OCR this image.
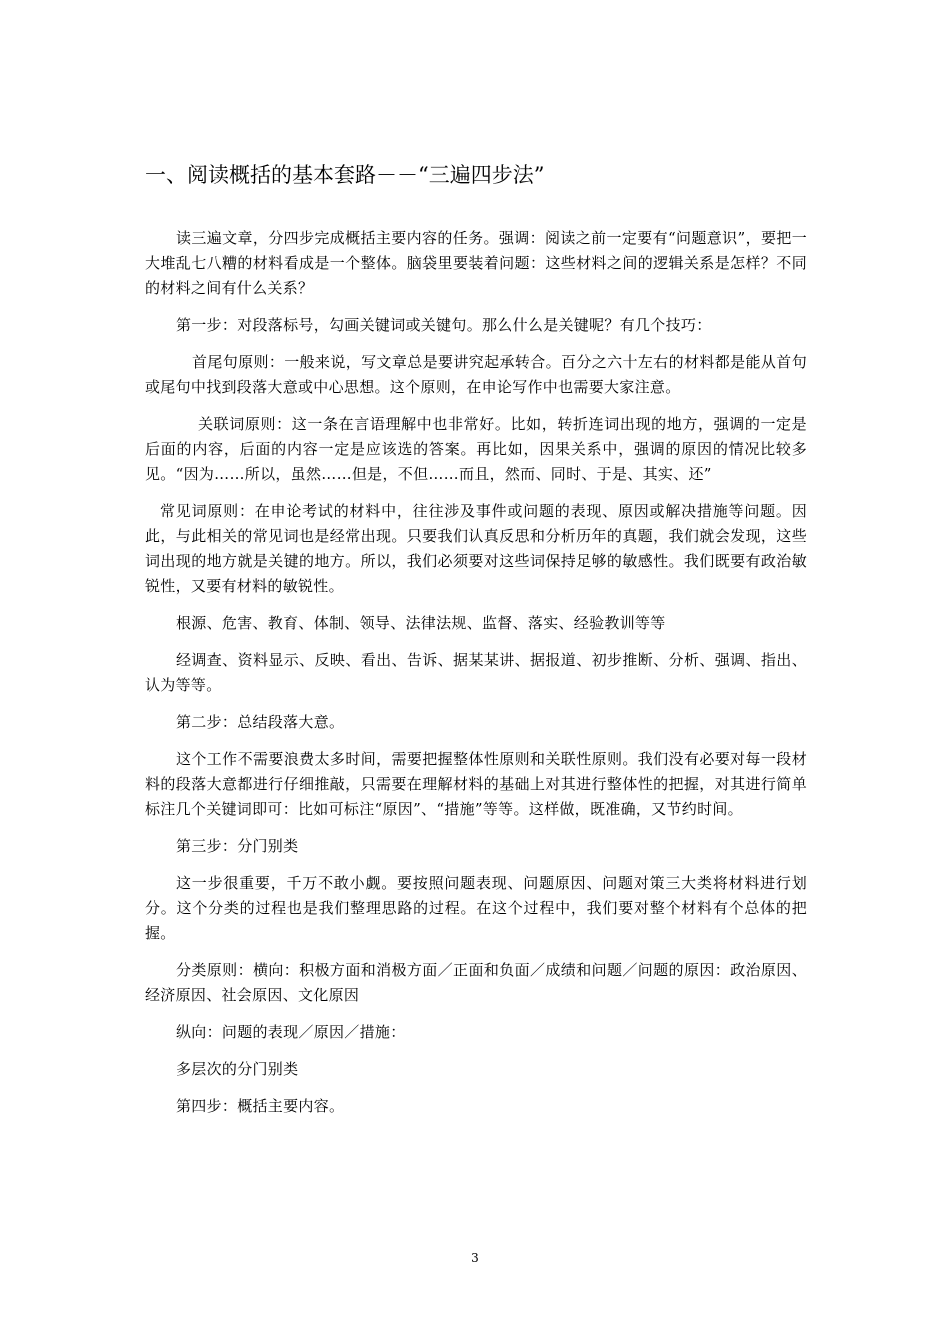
一、阅读概括的基本套路－－“三遍四步法”

读三遍文章，分四步完成概括主要内容的任务。强调：阅读之前一定要有“问题意识”，要把一大堆乱七八糟的材料看成是一个整体。脑袋里要装着问题：这些材料之间的逻辑关系是怎样？不同的材料之间有什么关系？

第一步：对段落标号，勾画关键词或关键句。那么什么是关键呢？有几个技巧：

首尾句原则：一般来说，写文章总是要讲究起承转合。百分之六十左右的材料都是能从首句或尾句中找到段落大意或中心思想。这个原则，在申论写作中也需要大家注意。

关联词原则：这一条在言语理解中也非常好。比如，转折连词出现的地方，强调的一定是后面的内容，后面的内容一定是应该选的答案。再比如，因果关系中，强调的原因的情况比较多见。“因为……所以，虽然……但是，不但……而且，然而、同时、于是、其实、还”

常见词原则：在申论考试的材料中，往往涉及事件或问题的表现、原因或解决措施等问题。因此，与此相关的常见词也是经常出现。只要我们认真反思和分析历年的真题，我们就会发现，这些词出现的地方就是关键的地方。所以，我们必须要对这些词保持足够的敏感性。我们既要有政治敏锐性，又要有材料的敏锐性。

根源、危害、教育、体制、领导、法律法规、监督、落实、经验教训等等

经调查、资料显示、反映、看出、告诉、据某某讲、据报道、初步推断、分析、强调、指出、认为等等。

第二步：总结段落大意。

这个工作不需要浪费太多时间，需要把握整体性原则和关联性原则。我们没有必要对每一段材料的段落大意都进行仔细推敲，只需要在理解材料的基础上对其进行整体性的把握，对其进行简单标注几个关键词即可：比如可标注“原因”、“措施”等等。这样做，既准确，又节约时间。

第三步：分门别类

这一步很重要，千万不敢小觑。要按照问题表现、问题原因、问题对策三大类将材料进行划分。这个分类的过程也是我们整理思路的过程。在这个过程中，我们要对整个材料有个总体的把握。

分类原则：横向：积极方面和消极方面／正面和负面／成绩和问题／问题的原因：政治原因、经济原因、社会原因、文化原因

纵向：问题的表现／原因／措施：

多层次的分门别类

第四步：概括主要内容。

3
